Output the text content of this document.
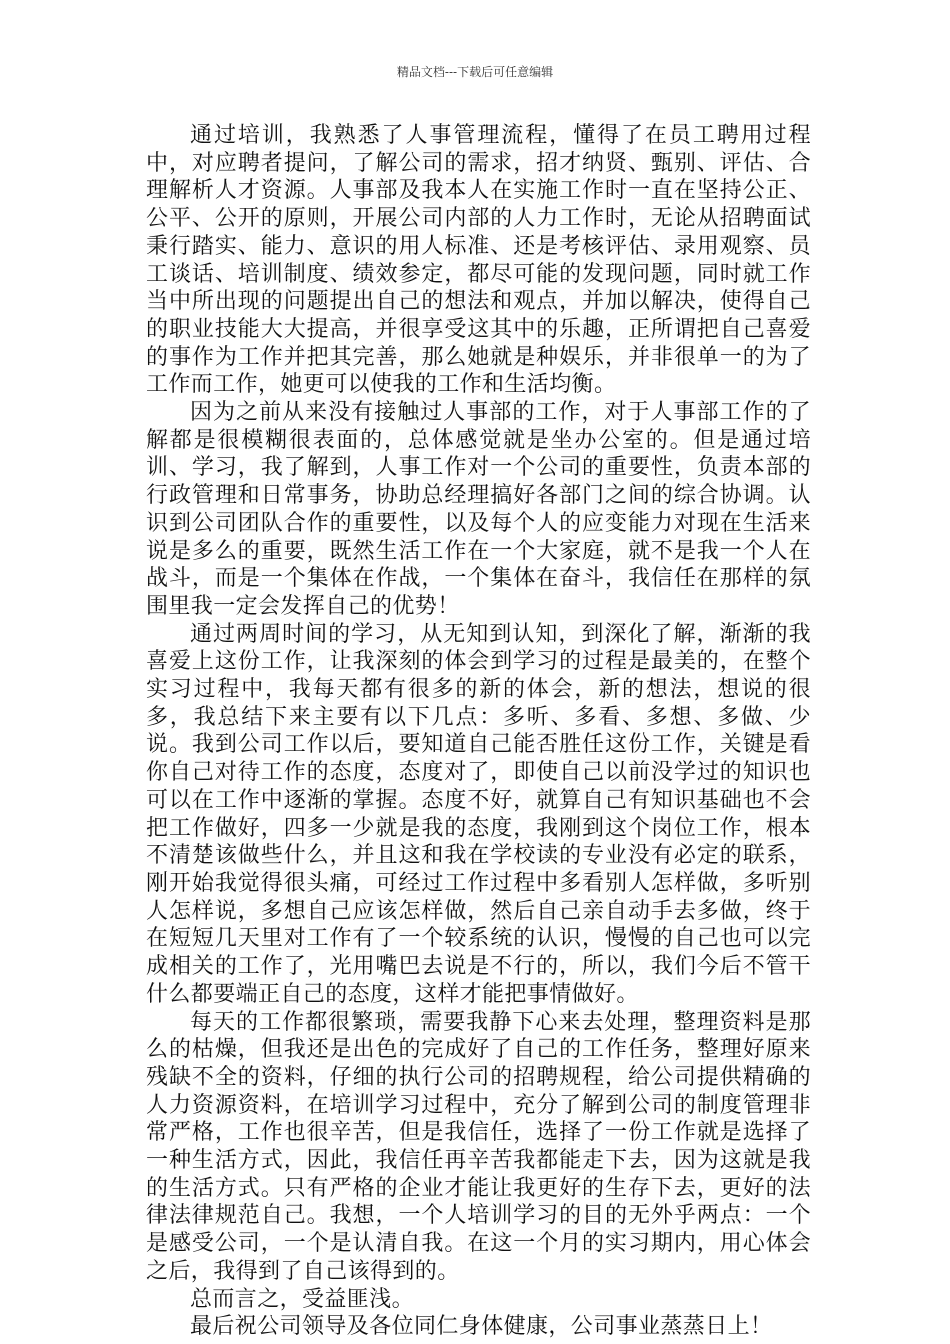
精品文档---下载后可任意编辑

通过培训，我熟悉了人事管理流程，懂得了在员工聘用过程中，对应聘者提问，了解公司的需求，招才纳贤、甄别、评估、合理解析人才资源。人事部及我本人在实施工作时一直在坚持公正、公平、公开的原则，开展公司内部的人力工作时，无论从招聘面试秉行踏实、能力、意识的用人标准、还是考核评估、录用观察、员工谈话、培训制度、绩效参定，都尽可能的发现问题，同时就工作当中所出现的问题提出自己的想法和观点，并加以解决，使得自己的职业技能大大提高，并很享受这其中的乐趣，正所谓把自己喜爱的事作为工作并把其完善，那么她就是种娱乐，并非很单一的为了工作而工作，她更可以使我的工作和生活均衡。

因为之前从来没有接触过人事部的工作，对于人事部工作的了解都是很模糊很表面的，总体感觉就是坐办公室的。但是通过培训、学习，我了解到，人事工作对一个公司的重要性，负责本部的行政管理和日常事务，协助总经理搞好各部门之间的综合协调。认识到公司团队合作的重要性，以及每个人的应变能力对现在生活来说是多么的重要，既然生活工作在一个大家庭，就不是我一个人在战斗，而是一个集体在作战，一个集体在奋斗，我信任在那样的氛围里我一定会发挥自己的优势！

通过两周时间的学习，从无知到认知，到深化了解，渐渐的我喜爱上这份工作，让我深刻的体会到学习的过程是最美的，在整个实习过程中，我每天都有很多的新的体会，新的想法，想说的很多，我总结下来主要有以下几点：多听、多看、多想、多做、少说。我到公司工作以后，要知道自己能否胜任这份工作，关键是看你自己对待工作的态度，态度对了，即使自己以前没学过的知识也可以在工作中逐渐的掌握。态度不好，就算自己有知识基础也不会把工作做好，四多一少就是我的态度，我刚到这个岗位工作，根本不清楚该做些什么，并且这和我在学校读的专业没有必定的联系，刚开始我觉得很头痛，可经过工作过程中多看别人怎样做，多听别人怎样说，多想自己应该怎样做，然后自己亲自动手去多做，终于在短短几天里对工作有了一个较系统的认识，慢慢的自己也可以完成相关的工作了，光用嘴巴去说是不行的，所以，我们今后不管干什么都要端正自己的态度，这样才能把事情做好。

每天的工作都很繁琐，需要我静下心来去处理，整理资料是那么的枯燥，但我还是出色的完成好了自己的工作任务，整理好原来残缺不全的资料，仔细的执行公司的招聘规程，给公司提供精确的人力资源资料，在培训学习过程中，充分了解到公司的制度管理非常严格，工作也很辛苦，但是我信任，选择了一份工作就是选择了一种生活方式，因此，我信任再辛苦我都能走下去，因为这就是我的生活方式。只有严格的企业才能让我更好的生存下去，更好的法律法律规范自己。我想，一个人培训学习的目的无外乎两点：一个是感受公司，一个是认清自我。在这一个月的实习期内，用心体会之后，我得到了自己该得到的。

总而言之，受益匪浅。

最后祝公司领导及各位同仁身体健康，公司事业蒸蒸日上！
